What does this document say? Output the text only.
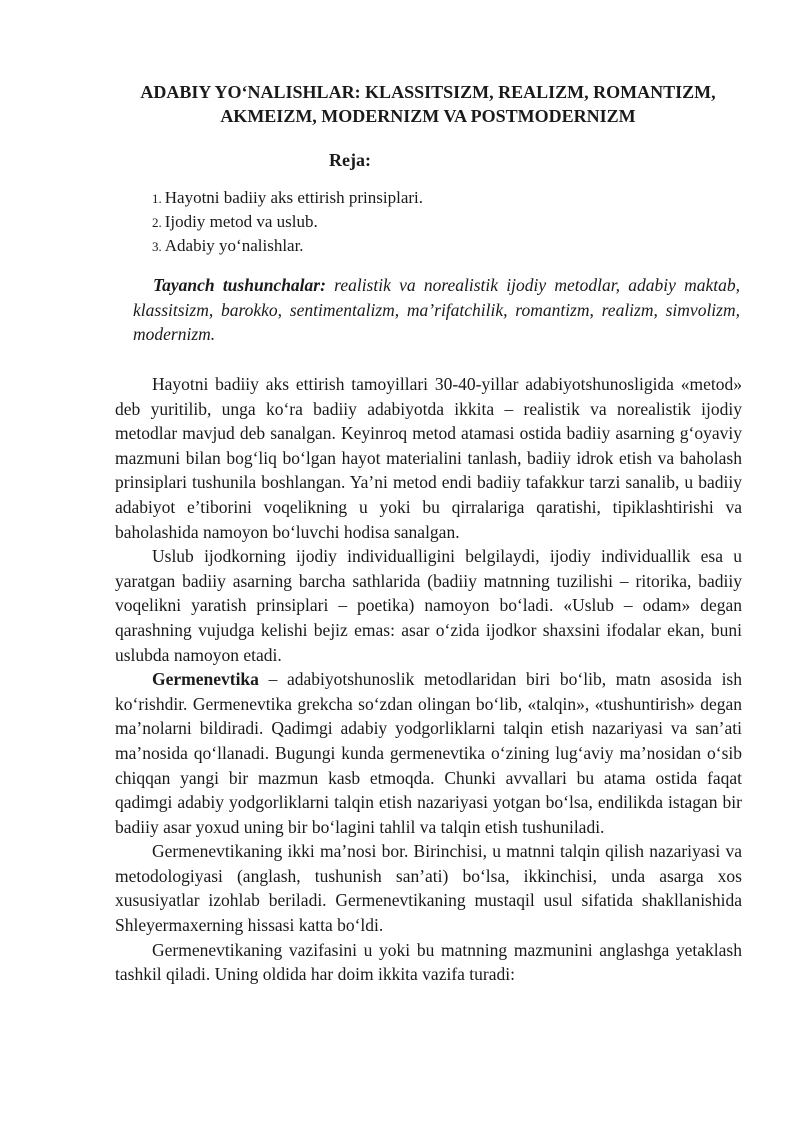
ADABIY YO‘NALISHLAR: KLASSITSIZM, REALIZM, ROMANTIZM, AKMEIZM, MODERNIZM VA POSTMODERNIZM
Reja:
1. Hayotni badiiy aks ettirish prinsiplari.
2. Ijodiy metod va uslub.
3. Adabiy yo‘nalishlar.

Tayanch tushunchalar: realistik va norealistik ijodiy metodlar, adabiy maktab, klassitsizm, barokko, sentimentalizm, ma’rifatchilik, romantizm, realizm, simvolizm, modernizm.

Hayotni badiiy aks ettirish tamoyillari 30-40-yillar adabiyotshunosligida «metod» deb yuritilib, unga ko‘ra badiiy adabiyotda ikkita – realistik va norealistik ijodiy metodlar mavjud deb sanalgan. Keyinroq metod atamasi ostida badiiy asarning g‘oyaviy mazmuni bilan bog‘liq bo‘lgan hayot materialini tanlash, badiiy idrok etish va baholash prinsiplari tushunila boshlangan. Ya’ni metod endi badiiy tafakkur tarzi sanalib, u badiiy adabiyot e’tiborini voqelikning u yoki bu qirralariga qaratishi, tipiklashtirishi va baholashida namoyon bo‘luvchi hodisa sanalgan.

Uslub ijodkorning ijodiy individualligini belgilaydi, ijodiy individuallik esa u yaratgan badiiy asarning barcha sathlarida (badiiy matnning tuzilishi – ritorika, badiiy voqelikni yaratish prinsiplari – poetika) namoyon bo‘ladi. «Uslub – odam» degan qarashning vujudga kelishi bejiz emas: asar o‘zida ijodkor shaxsini ifodalar ekan, buni uslubda namoyon etadi.

Germenevtika – adabiyotshunoslik metodlaridan biri bo‘lib, matn asosida ish ko‘rishdir. Germenevtika grekcha so‘zdan olingan bo‘lib, «talqin», «tushuntirish» degan ma’nolarni bildiradi. Qadimgi adabiy yodgorliklarni talqin etish nazariyasi va san’ati ma’nosida qo‘llanadi. Bugungi kunda germenevtika o‘zining lug‘aviy ma’nosidan o‘sib chiqqan yangi bir mazmun kasb etmoqda. Chunki avvallari bu atama ostida faqat qadimgi adabiy yodgorliklarni talqin etish nazariyasi yotgan bo‘lsa, endilikda istagan bir badiiy asar yoxud uning bir bo‘lagini tahlil va talqin etish tushuniladi.

Germenevtikaning ikki ma’nosi bor. Birinchisi, u matnni talqin qilish nazariyasi va metodologiyasi (anglash, tushunish san’ati) bo‘lsa, ikkinchisi, unda asarga xos xususiyatlar izohlab beriladi. Germenevtikaning mustaqil usul sifatida shakllanishida Shleyermaxerning hissasi katta bo‘ldi.

Germenevtikaning vazifasini u yoki bu matnning mazmunini anglashga yetaklash tashkil qiladi. Uning oldida har doim ikkita vazifa turadi:
